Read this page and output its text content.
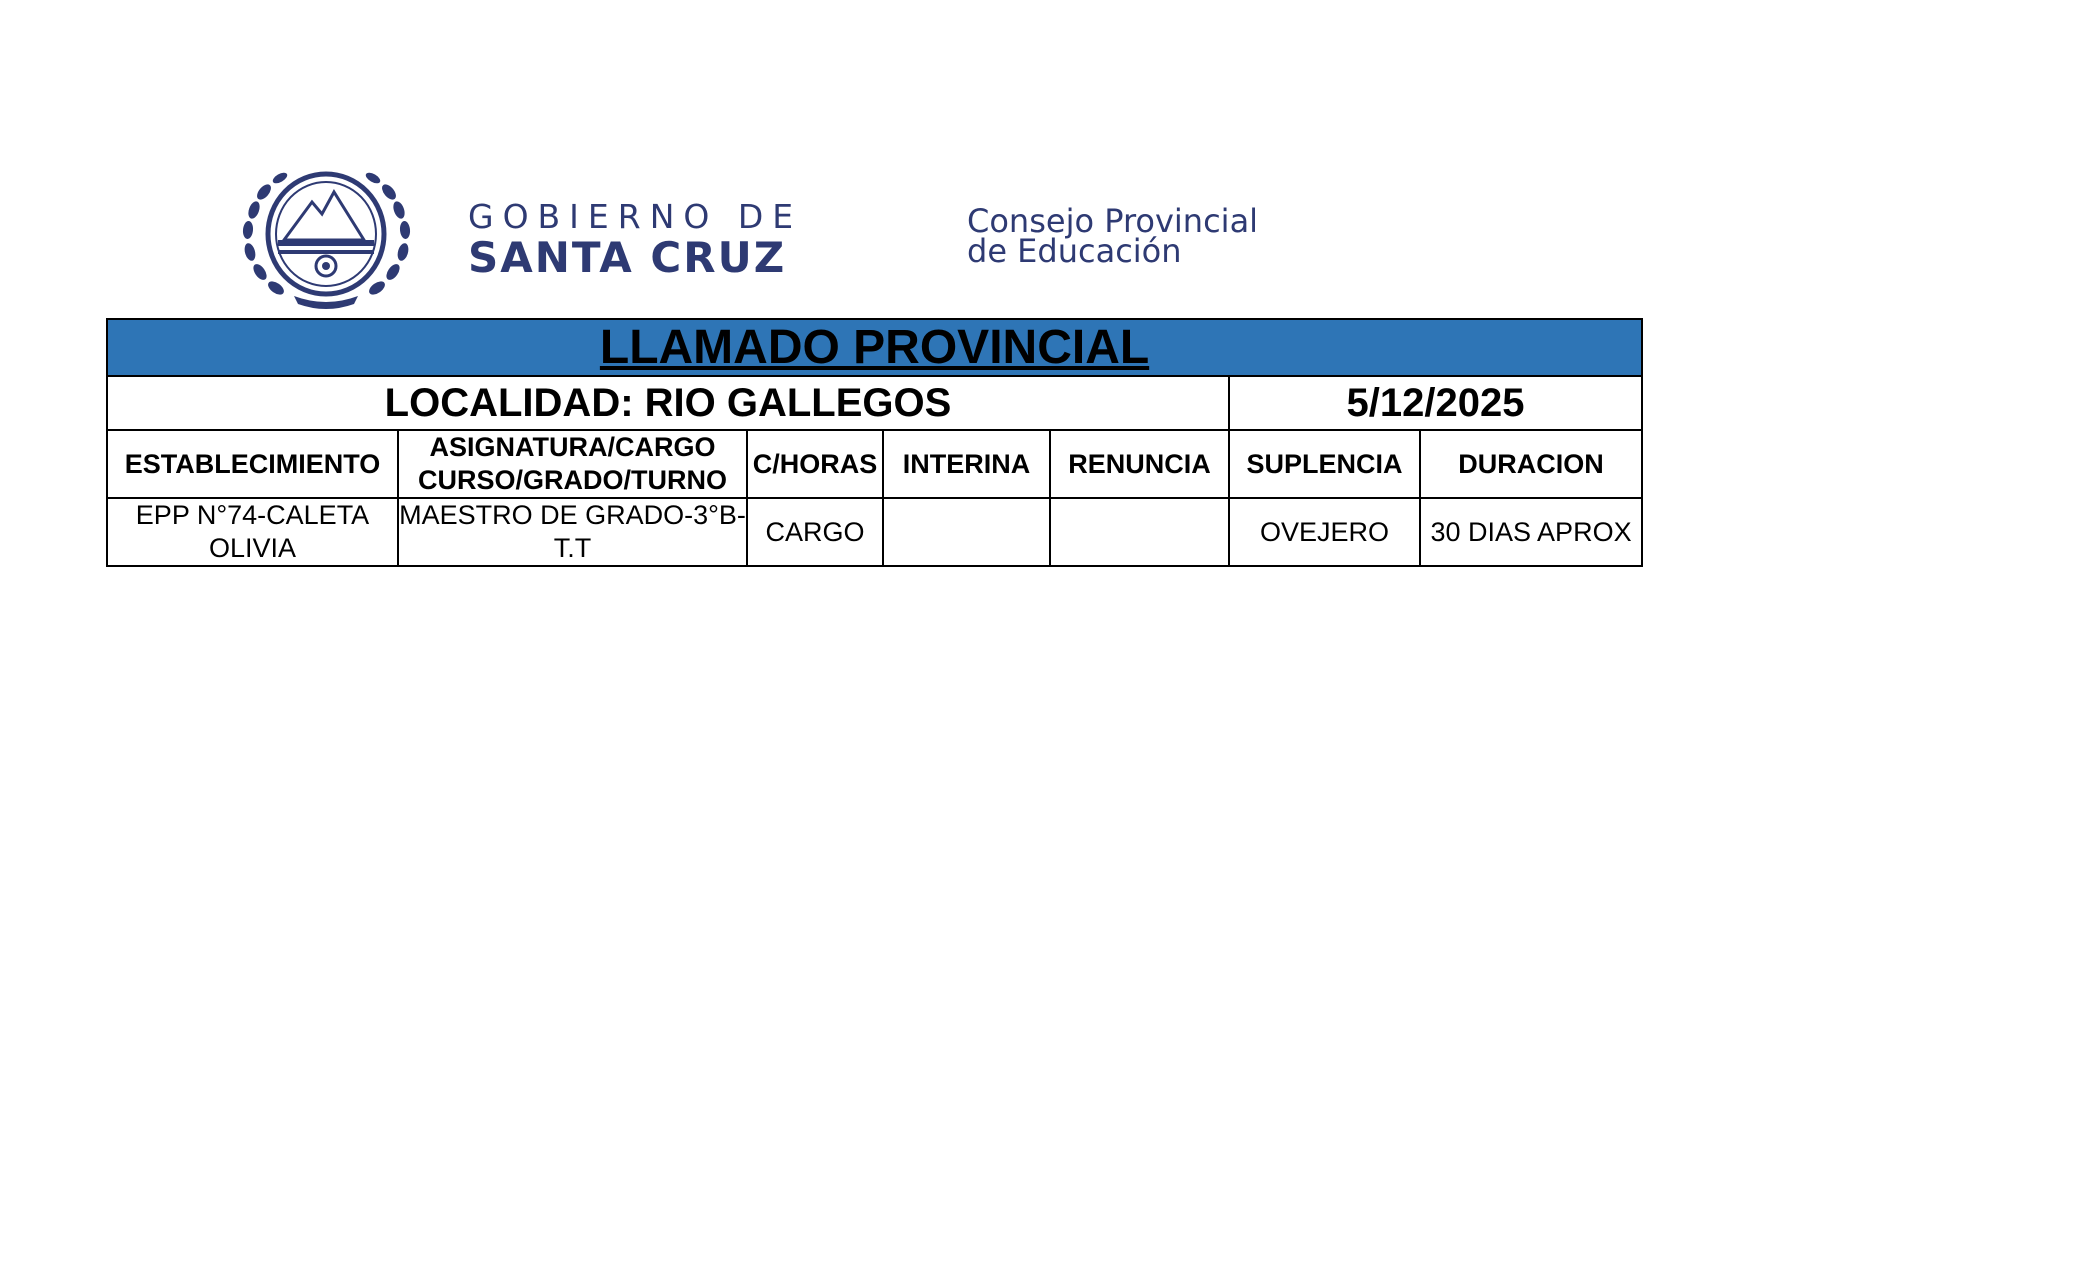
GOBIERNO DE
SANTA CRUZ
Consejo Provincial
de Educación
LLAMADO PROVINCIAL						
LOCALIDAD: RIO GALLEGOS					5/12/2025	
ESTABLECIMIENTO	ASIGNATURA/CARGO CURSO/GRADO/TURNO	C/HORAS	INTERINA	RENUNCIA	SUPLENCIA	DURACION
EPP N°74-CALETA OLIVIA	MAESTRO DE GRADO-3°B-T.T	CARGO			OVEJERO	30 DIAS APROX
